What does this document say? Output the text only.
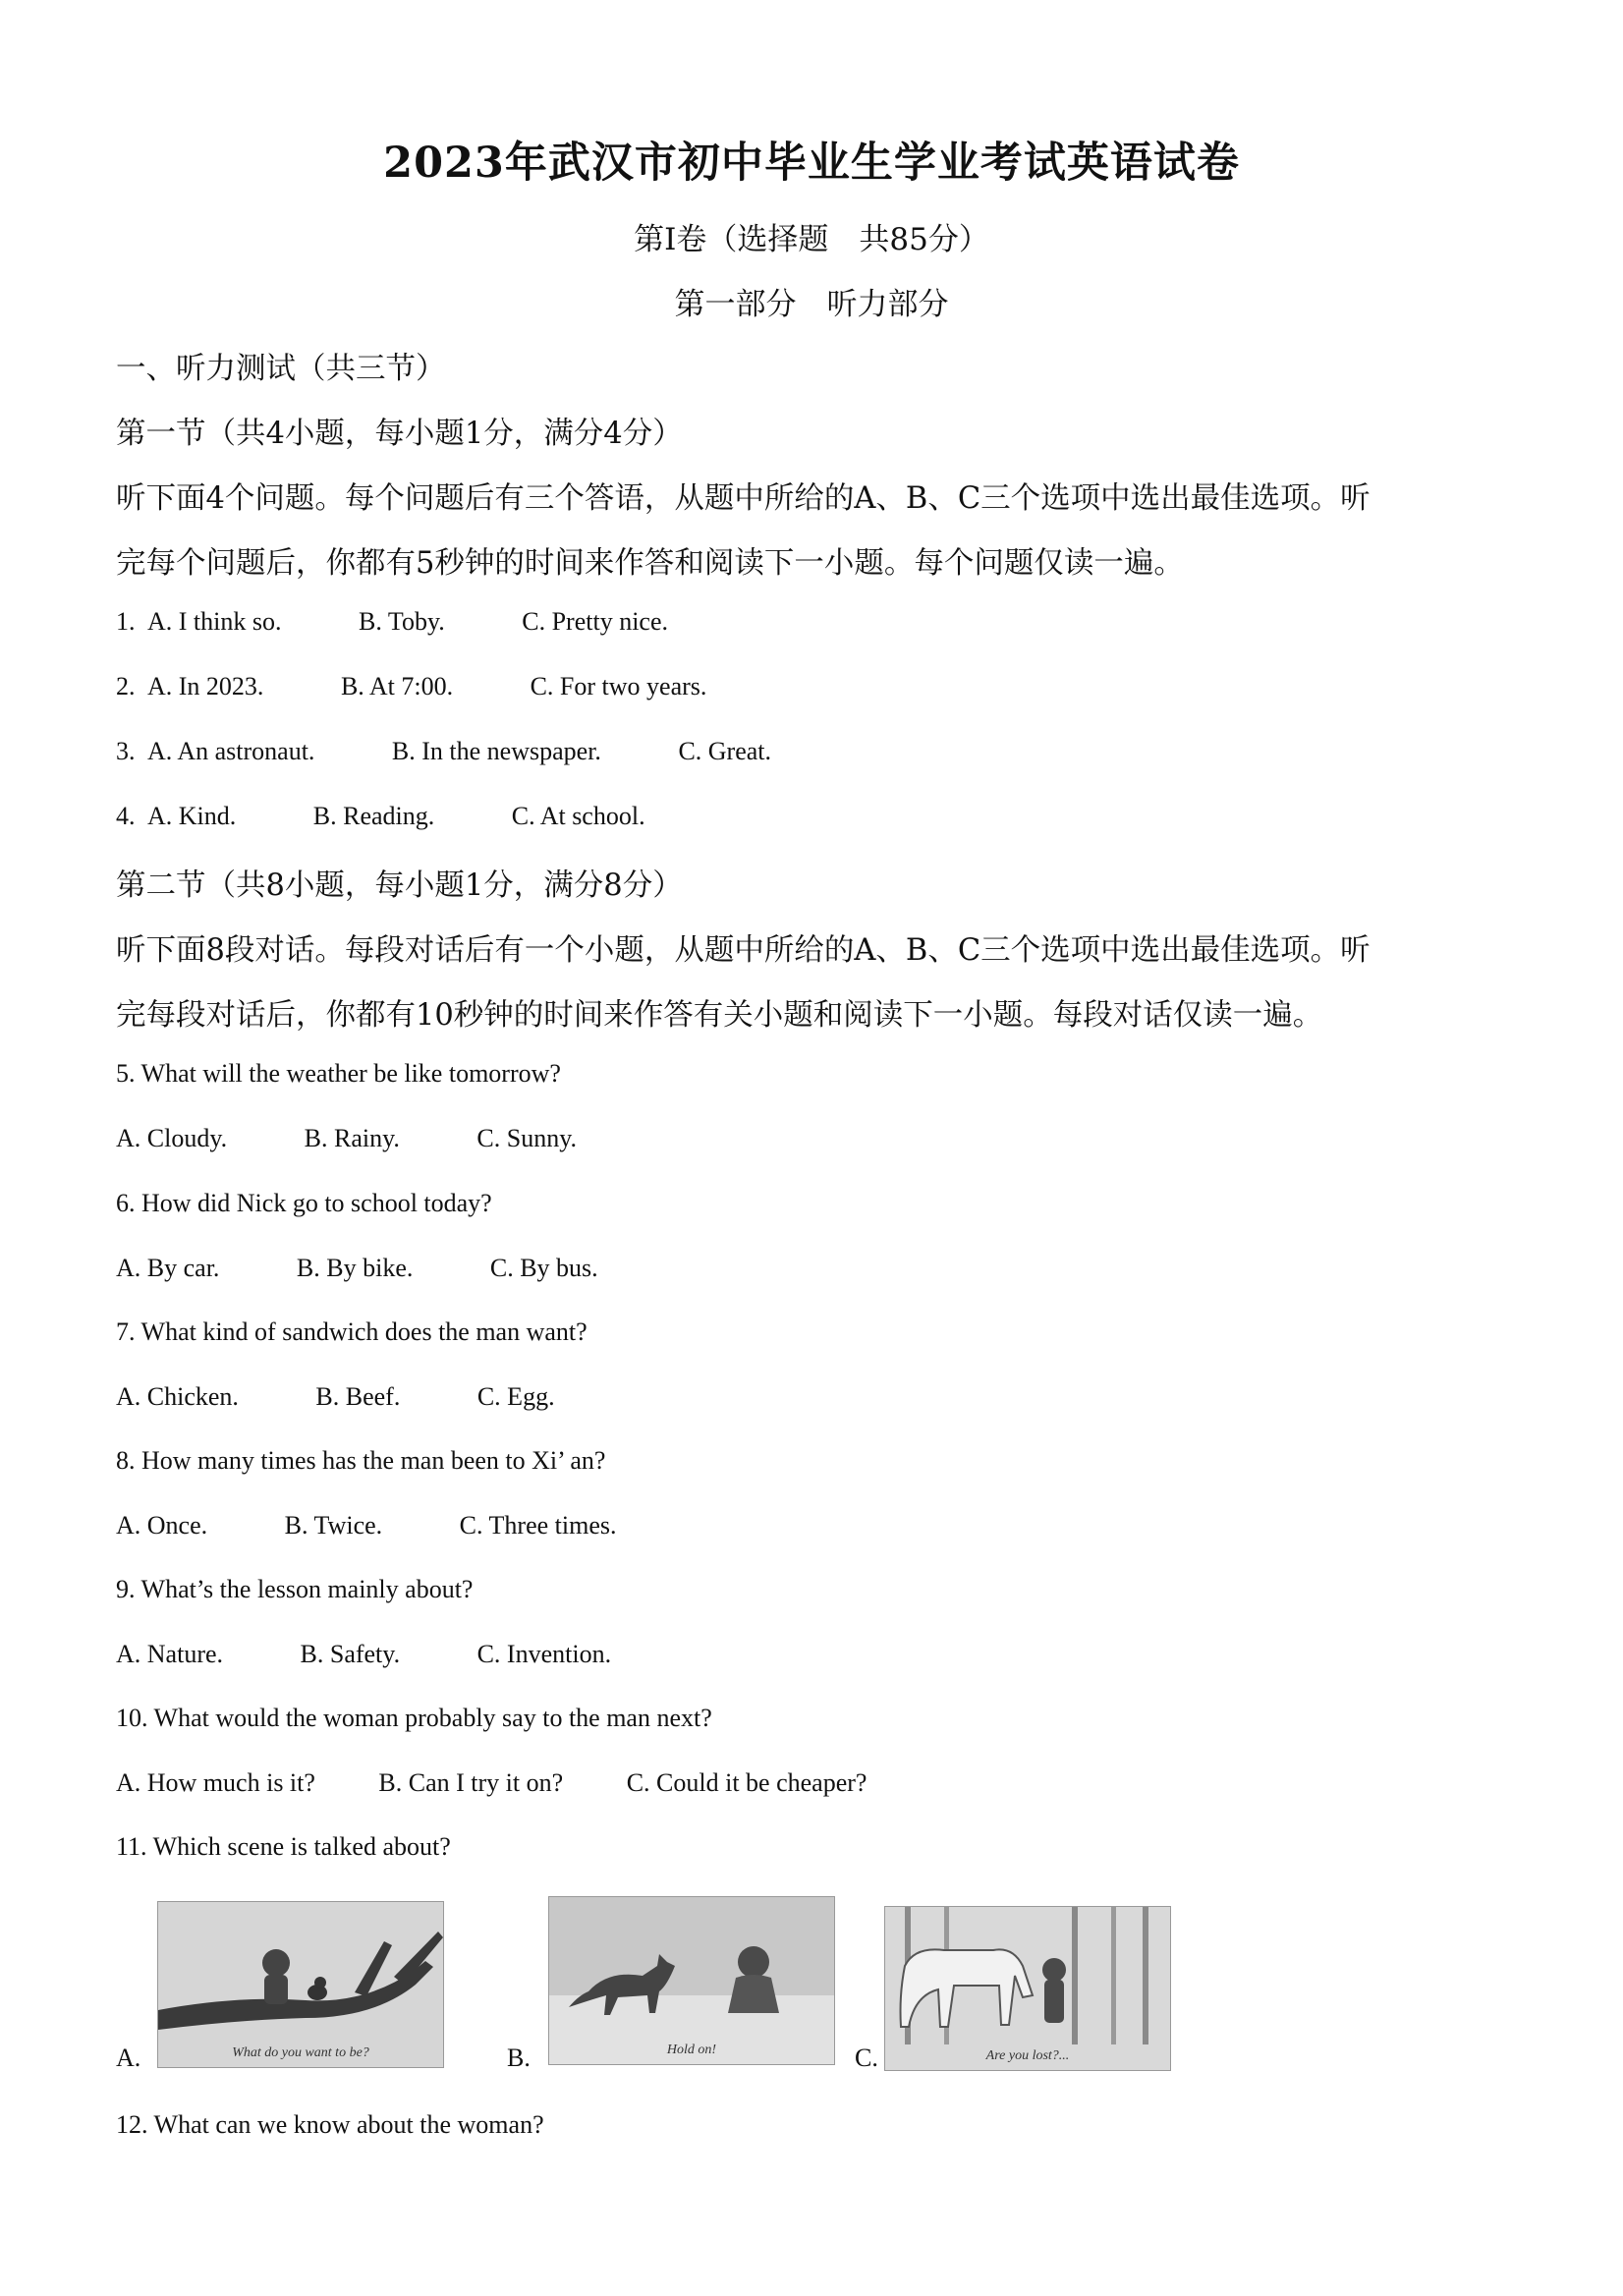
2023年武汉市初中毕业生学业考试英语试卷
第Ⅰ卷（选择题　共85分）
第一部分　听力部分
一、听力测试（共三节）
第一节（共4小题，每小题1分，满分4分）
听下面4个问题。每个问题后有三个答语，从题中所给的A、B、C三个选项中选出最佳选项。听
完每个问题后，你都有5秒钟的时间来作答和阅读下一小题。每个问题仅读一遍。
1. A. I think so.	B. Toby.	C. Pretty nice.
2. A. In 2023.	B. At 7:00.	C. For two years.
3. A. An astronaut.	B. In the newspaper.	C. Great.
4. A. Kind.	B. Reading.	C. At school.
第二节（共8小题，每小题1分，满分8分）
听下面8段对话。每段对话后有一个小题，从题中所给的A、B、C三个选项中选出最佳选项。听
完每段对话后，你都有10秒钟的时间来作答有关小题和阅读下一小题。每段对话仅读一遍。
5. What will the weather be like tomorrow?
A. Cloudy.	B. Rainy.	C. Sunny.
6. How did Nick go to school today?
A. By car.	B. By bike.	C. By bus.
7. What kind of sandwich does the man want?
A. Chicken.	B. Beef.	C. Egg.
8. How many times has the man been to Xi’ an?
A. Once.	B. Twice.	C. Three times.
9. What’s the lesson mainly about?
A. Nature.	B. Safety.	C. Invention.
10. What would the woman probably say to the man next?
A. How much is it? B. Can I try it on? C. Could it be cheaper?
11. Which scene is talked about?
A.	What do you want to be?	B.	Hold on!	C.	Are you lost?...
12. What can we know about the woman?
